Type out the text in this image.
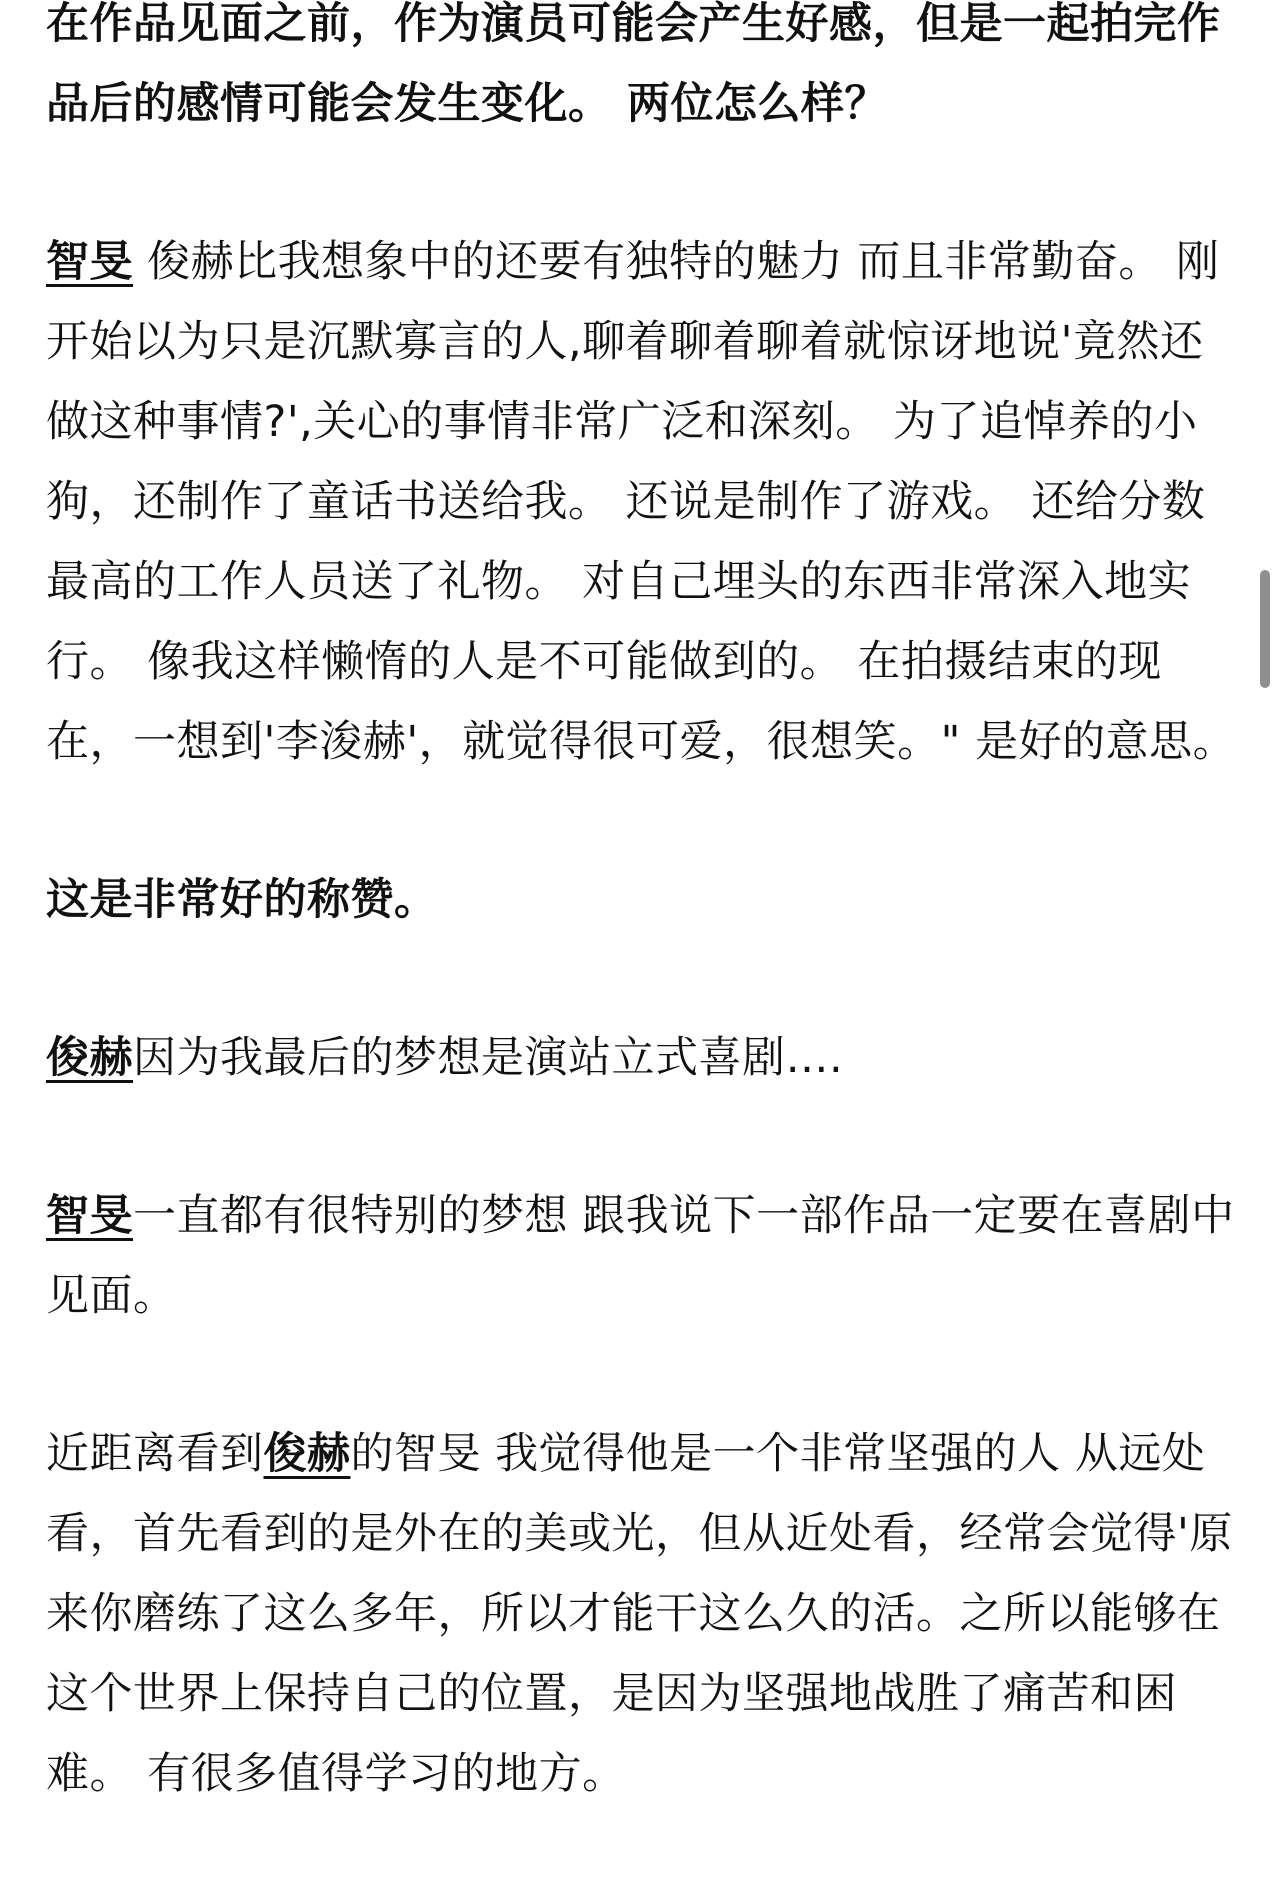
在作品见面之前，作为演员可能会产生好感，但是一起拍完作品后的感情可能会发生变化。 两位怎么样？

智旻 俊赫比我想象中的还要有独特的魅力 而且非常勤奋。 刚开始以为只是沉默寡言的人,聊着聊着聊着就惊讶地说'竟然还做这种事情?',关心的事情非常广泛和深刻。 为了追悼养的小狗，还制作了童话书送给我。 还说是制作了游戏。 还给分数最高的工作人员送了礼物。 对自己埋头的东西非常深入地实行。 像我这样懒惰的人是不可能做到的。 在拍摄结束的现在，一想到'李浚赫'，就觉得很可爱，很想笑。" 是好的意思。

这是非常好的称赞。

俊赫因为我最后的梦想是演站立式喜剧….

智旻一直都有很特别的梦想 跟我说下一部作品一定要在喜剧中见面。

近距离看到俊赫的智旻 我觉得他是一个非常坚强的人 从远处看，首先看到的是外在的美或光，但从近处看，经常会觉得'原来你磨练了这么多年，所以才能干这么久的活。之所以能够在这个世界上保持自己的位置，是因为坚强地战胜了痛苦和困难。 有很多值得学习的地方。
